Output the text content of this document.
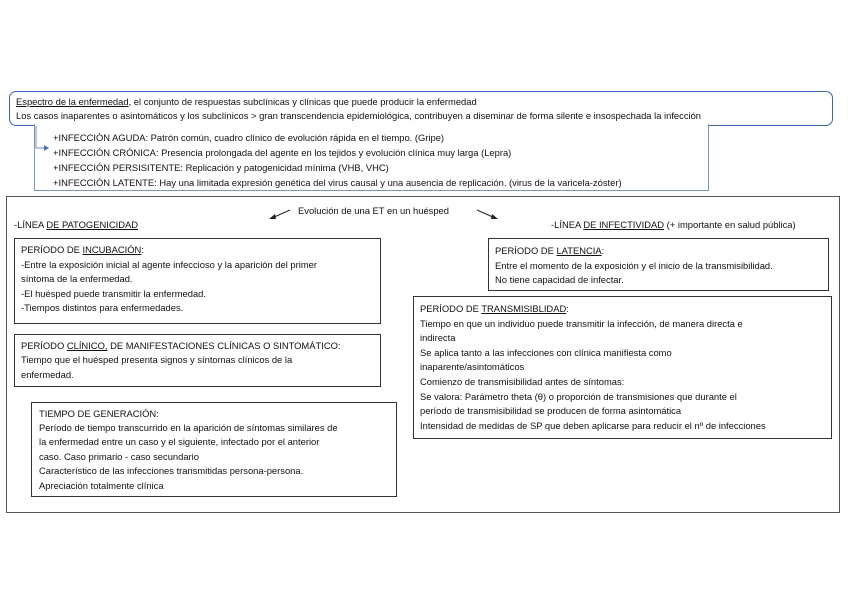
Espectro de la enfermedad, el conjunto de respuestas subclínicas y clínicas que puede producir la enfermedad
Los casos inaparentes o asintomáticos y los subclínicos > gran transcendencia epidemiológica, contribuyen a diseminar de forma silente e insospechada la infección
+INFECCIÓN AGUDA: Patrón común, cuadro clínico de evolución rápida en el tiempo. (Gripe)
+INFECCIÓN CRÓNICA: Presencia prolongada del agente en los tejidos y evolución clínica muy larga (Lepra)
+INFECCIÓN PERSISITENTE: Replicación y patogenicidad mínima (VHB, VHC)
+INFECCIÓN LATENTE: Hay una limitada expresión genética del virus causal y una ausencia de replicación. (virus de la varicela-zóster)
Evolución de una ET en un huésped
-LÍNEA DE PATOGENICIDAD	-LÍNEA DE INFECTIVIDAD (+ importante en salud pública)
PERÍODO DE INCUBACIÓN:
-Entre la exposición inicial al agente infeccioso y la aparición del primer
síntoma de la enfermedad.
-El huésped puede transmitir la enfermedad.
-Tiempos distintos para enfermedades.
PERÍODO CLÍNICO, DE MANIFESTACIONES CLÍNICAS O SINTOMÁTICO:
Tiempo que el huésped presenta signos y síntomas clínicos de la
enfermedad.
TIEMPO DE GENERACIÓN:
Período de tiempo transcurrido en la aparición de síntomas similares de
la enfermedad entre un caso y el siguiente, infectado por el anterior
caso. Caso primario - caso secundario
Característico de las infecciones transmitidas persona-persona.
Apreciación totalmente clínica
PERÍODO DE LATENCIA:
Entre el momento de la exposición y el inicio de la transmisibilidad.
No tiene capacidad de infectar.
PERÍODO DE TRANSMISIBLIDAD:
Tiempo en que un individuo puede transmitir la infección, de manera directa e
indirecta
Se aplica tanto a las infecciones con clínica manifiesta como
inaparente/asintomáticos
Comienzo de transmisibilidad antes de síntomas:
Se valora: Parámetro theta (θ) o proporción de transmisiones que durante el
período de transmisibilidad se producen de forma asintomática
Intensidad de medidas de SP que deben aplicarse para reducir el nº de infecciones
